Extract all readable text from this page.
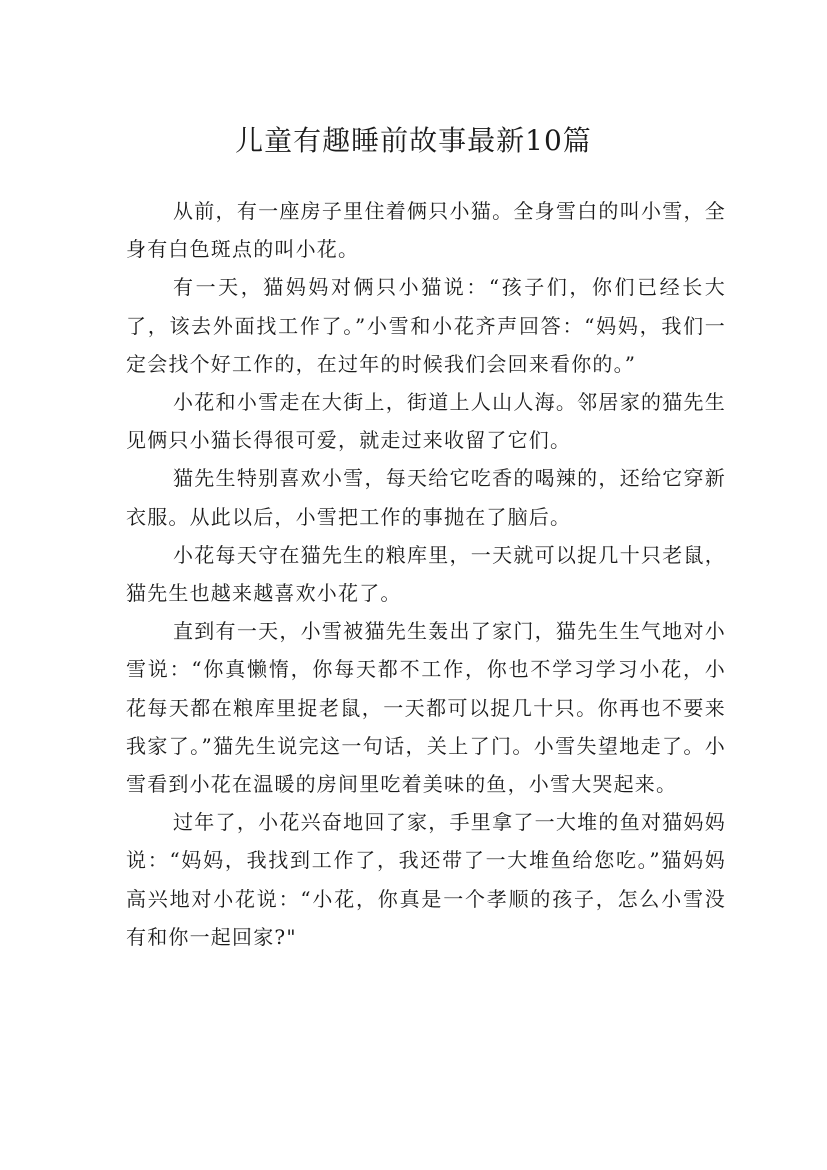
儿童有趣睡前故事最新10篇

从前，有一座房子里住着俩只小猫。全身雪白的叫小雪，全身有白色斑点的叫小花。

有一天，猫妈妈对俩只小猫说：“孩子们，你们已经长大了，该去外面找工作了。”小雪和小花齐声回答：“妈妈，我们一定会找个好工作的，在过年的时候我们会回来看你的。”

小花和小雪走在大街上，街道上人山人海。邻居家的猫先生见俩只小猫长得很可爱，就走过来收留了它们。

猫先生特别喜欢小雪，每天给它吃香的喝辣的，还给它穿新衣服。从此以后，小雪把工作的事抛在了脑后。

小花每天守在猫先生的粮库里，一天就可以捉几十只老鼠，猫先生也越来越喜欢小花了。

直到有一天，小雪被猫先生轰出了家门，猫先生生气地对小雪说：“你真懒惰，你每天都不工作，你也不学习学习小花，小花每天都在粮库里捉老鼠，一天都可以捉几十只。你再也不要来我家了。”猫先生说完这一句话，关上了门。小雪失望地走了。小雪看到小花在温暖的房间里吃着美味的鱼，小雪大哭起来。

过年了，小花兴奋地回了家，手里拿了一大堆的鱼对猫妈妈说：“妈妈，我找到工作了，我还带了一大堆鱼给您吃。”猫妈妈高兴地对小花说：“小花，你真是一个孝顺的孩子，怎么小雪没有和你一起回家?"
